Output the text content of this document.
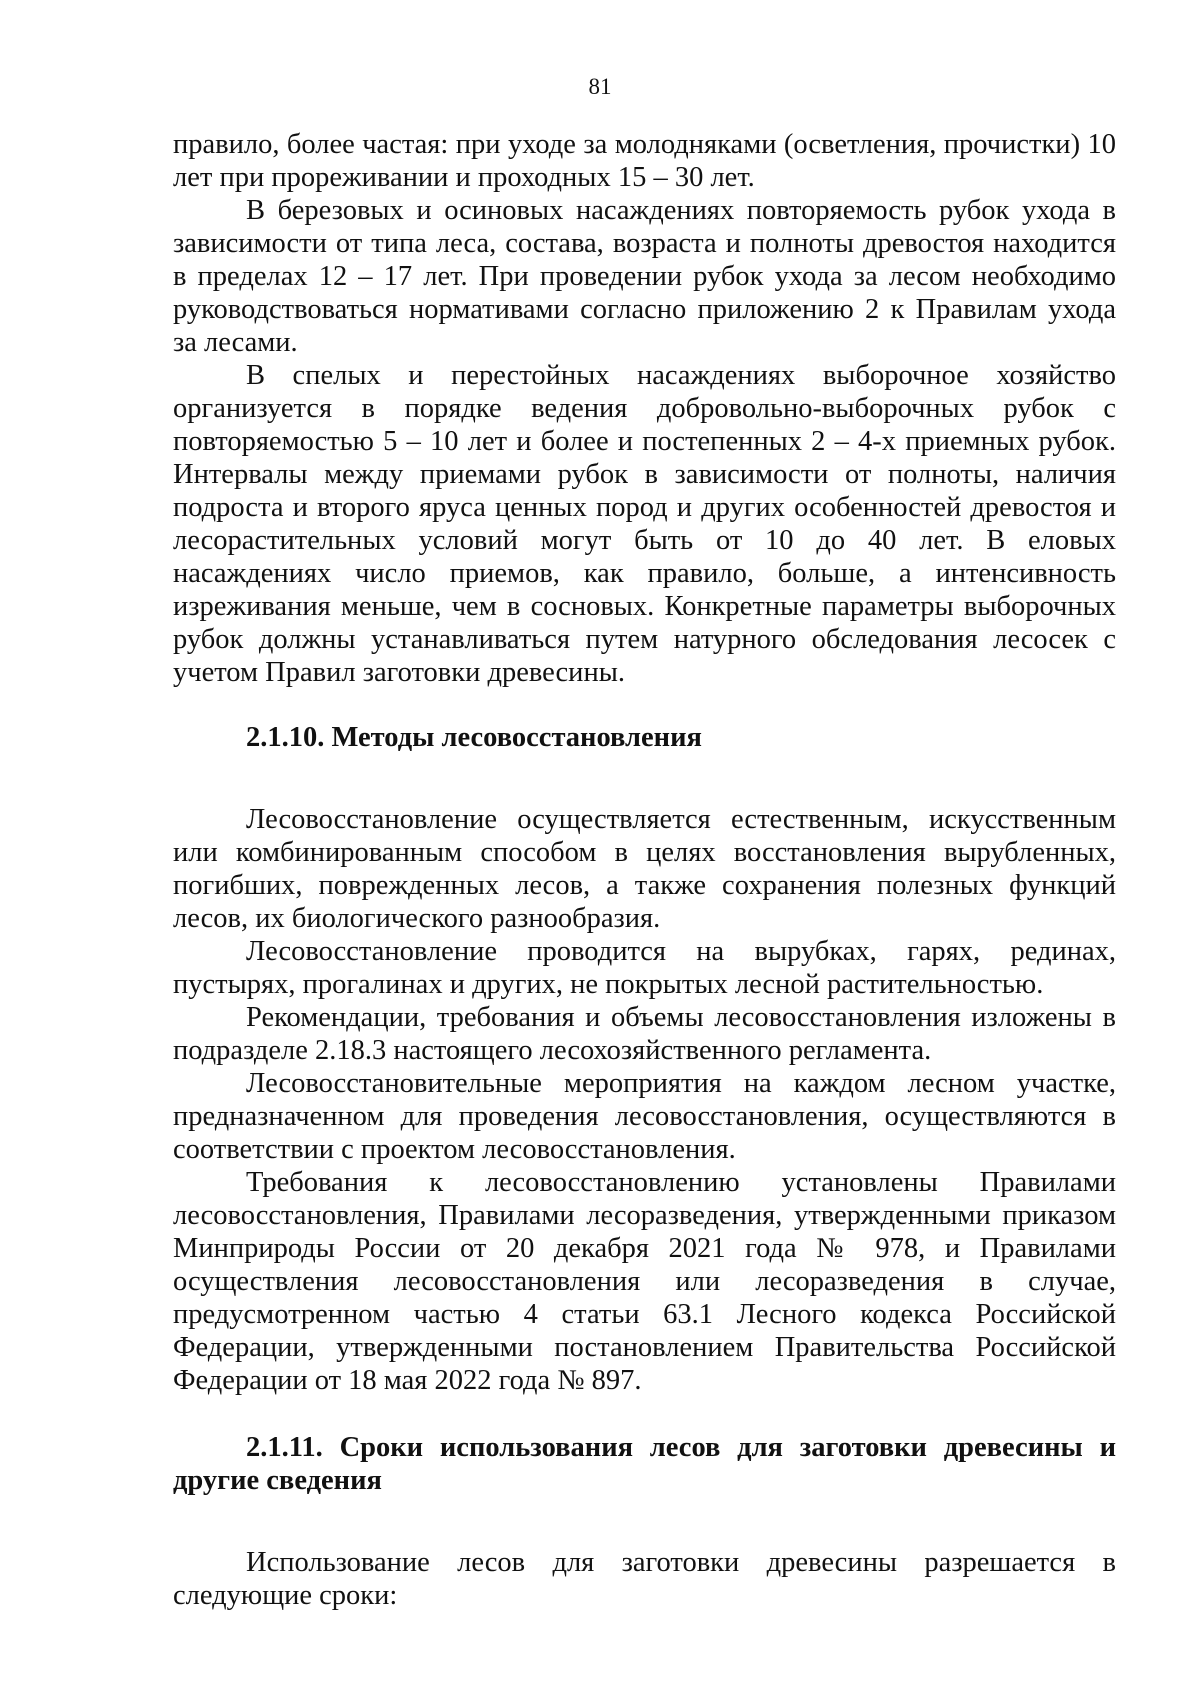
81

правило, более частая: при уходе за молодняками (осветления, прочистки) 10 лет при прореживании и проходных 15 – 30 лет.

В березовых и осиновых насаждениях повторяемость рубок ухода в зависимости от типа леса, состава, возраста и полноты древостоя находится в пределах 12 – 17 лет. При проведении рубок ухода за лесом необходимо руководствоваться нормативами согласно приложению 2 к Правилам ухода за лесами.

В спелых и перестойных насаждениях выборочное хозяйство организуется в порядке ведения добровольно-выборочных рубок с повторяемостью 5 – 10 лет и более и постепенных 2 – 4-х приемных рубок. Интервалы между приемами рубок в зависимости от полноты, наличия подроста и второго яруса ценных пород и других особенностей древостоя и лесорастительных условий могут быть от 10 до 40 лет. В еловых насаждениях число приемов, как правило, больше, а интенсивность изреживания меньше, чем в сосновых. Конкретные параметры выборочных рубок должны устанавливаться путем натурного обследования лесосек с учетом Правил заготовки древесины.

2.1.10. Методы лесовосстановления

Лесовосстановление осуществляется естественным, искусственным или комбинированным способом в целях восстановления вырубленных, погибших, поврежденных лесов, а также сохранения полезных функций лесов, их биологического разнообразия.

Лесовосстановление проводится на вырубках, гарях, рединах, пустырях, прогалинах и других, не покрытых лесной растительностью.

Рекомендации, требования и объемы лесовосстановления изложены в подразделе 2.18.3 настоящего лесохозяйственного регламента.

Лесовосстановительные мероприятия на каждом лесном участке, предназначенном для проведения лесовосстановления, осуществляются в соответствии с проектом лесовосстановления.

Требования к лесовосстановлению установлены Правилами лесовосстановления, Правилами лесоразведения, утвержденными приказом Минприроды России от 20 декабря 2021 года № 978, и Правилами осуществления лесовосстановления или лесоразведения в случае, предусмотренном частью 4 статьи 63.1 Лесного кодекса Российской Федерации, утвержденными постановлением Правительства Российской Федерации от 18 мая 2022 года № 897.

2.1.11. Сроки использования лесов для заготовки древесины и другие сведения

Использование лесов для заготовки древесины разрешается в следующие сроки:
